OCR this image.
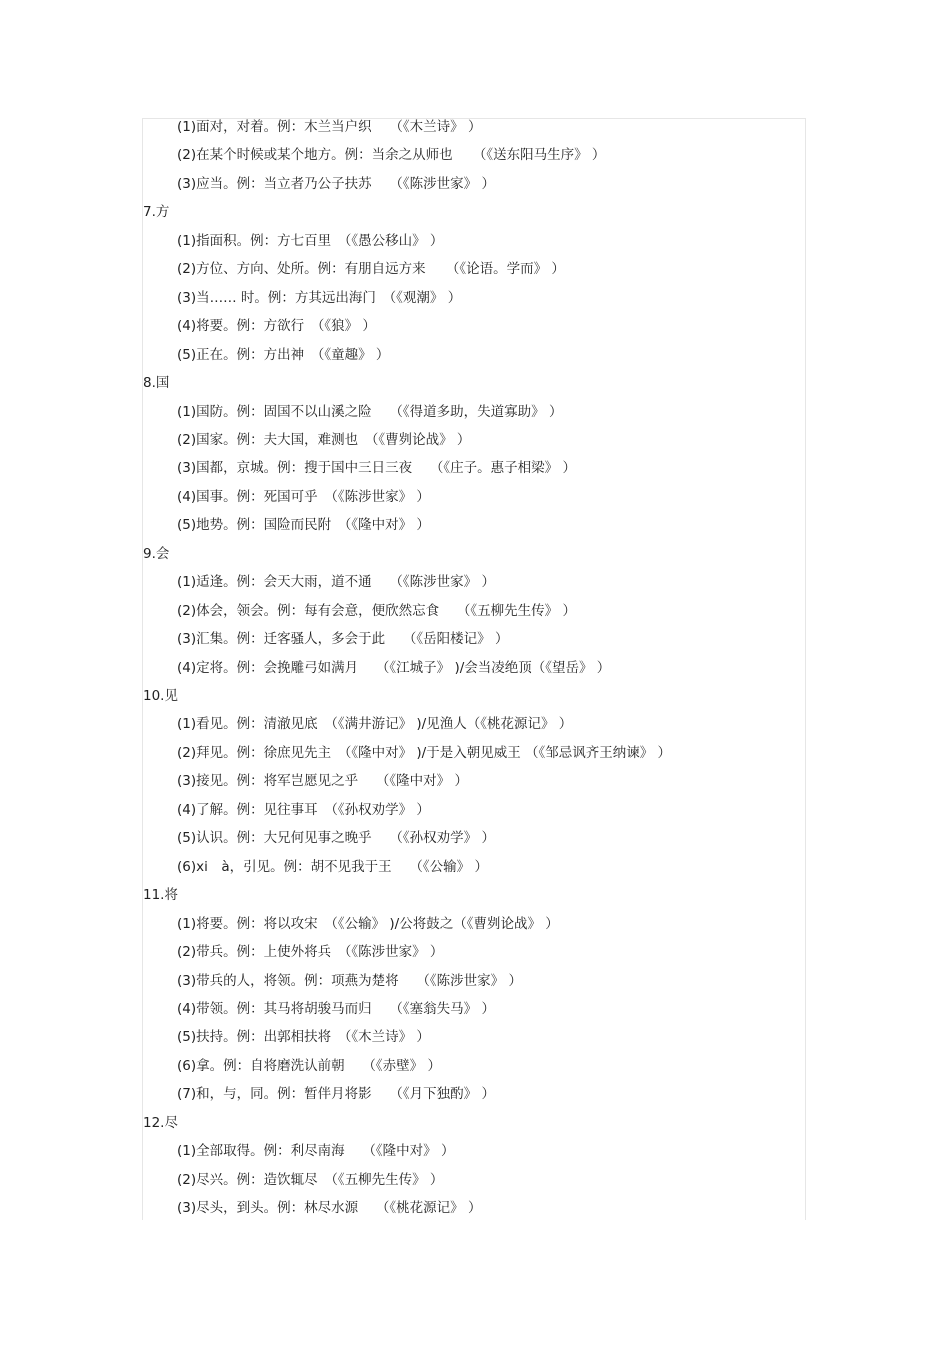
(1)面对，对着。例：木兰当户织　 （《木兰诗》 ）
(2)在某个时候或某个地方。例：当余之从师也　　（《送东阳马生序》 ）
(3)应当。例：当立者乃公子扶苏　 （《陈涉世家》 ）
7.方
(1)指面积。例：方七百里　（《愚公移山》 ）
(2)方位、方向、处所。例：有朋自远方来　　（《论语。学而》 ）
(3)当…… 时。例：方其远出海门　（《观潮》 ）
(4)将要。例：方欲行　（《狼》 ）
(5)正在。例：方出神　（《童趣》 ）
8.国
(1)国防。例：固国不以山溪之险　 （《得道多助，失道寡助》 ）
(2)国家。例：夫大国，难测也　（《曹刿论战》 ）
(3)国都，京城。例：搜于国中三日三夜　 （《庄子。惠子相梁》 ）
(4)国事。例：死国可乎　（《陈涉世家》 ）
(5)地势。例：国险而民附　（《隆中对》 ）
9.会
(1)适逢。例：会天大雨，道不通　 （《陈涉世家》 ）
(2)体会，领会。例：每有会意，便欣然忘食　 （《五柳先生传》 ）
(3)汇集。例：迁客骚人，多会于此　 （《岳阳楼记》 ）
(4)定将。例：会挽雕弓如满月　 （《江城子》 )/会当凌绝顶（《望岳》 ）
10.见
(1)看见。例：清澈见底　（《满井游记》 )/见渔人（《桃花源记》 ）
(2)拜见。例：徐庶见先主　（《隆中对》 )/于是入朝见威王 （《邹忌讽齐王纳谏》 ）
(3)接见。例：将军岂愿见之乎　 （《隆中对》 ）
(4)了解。例：见往事耳　（《孙权劝学》 ）
(5)认识。例：大兄何见事之晚乎　 （《孙权劝学》 ）
(6)xi　à，引见。例：胡不见我于王　 （《公输》 ）
11.将
(1)将要。例：将以攻宋　（《公输》 )/公将鼓之（《曹刿论战》 ）
(2)带兵。例：上使外将兵　（《陈涉世家》 ）
(3)带兵的人，将领。例：项燕为楚将　 （《陈涉世家》 ）
(4)带领。例：其马将胡骏马而归　 （《塞翁失马》 ）
(5)扶持。例：出郭相扶将　（《木兰诗》 ）
(6)拿。例：自将磨洗认前朝　 （《赤壁》 ）
(7)和，与，同。例：暂伴月将影　 （《月下独酌》 ）
12.尽
(1)全部取得。例：利尽南海　 （《隆中对》 ）
(2)尽兴。例：造饮辄尽　（《五柳先生传》 ）
(3)尽头，到头。例：林尽水源　 （《桃花源记》 ）
